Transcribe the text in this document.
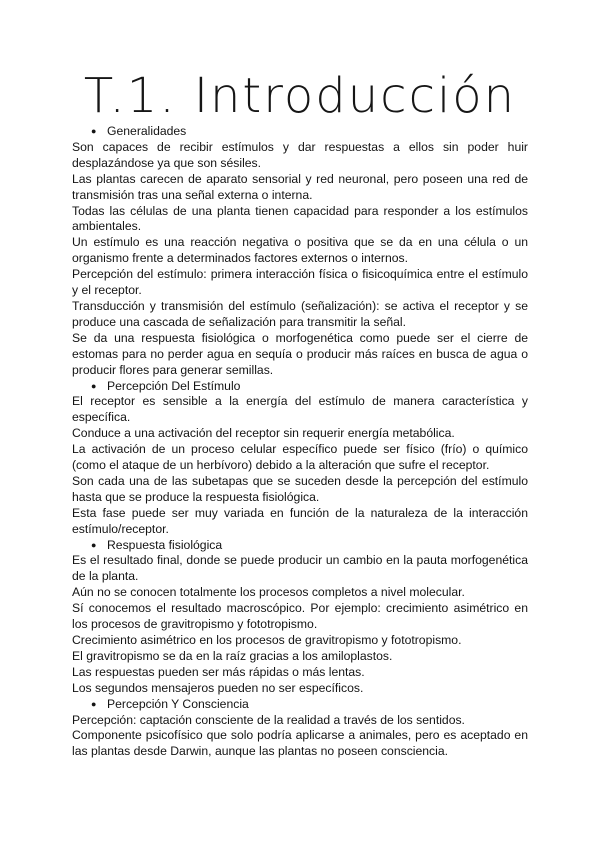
T.1. Introducción
● Generalidades

Son capaces de recibir estímulos y dar respuestas a ellos sin poder huir desplazándose ya que son sésiles.

Las plantas carecen de aparato sensorial y red neuronal, pero poseen una red de transmisión tras una señal externa o interna.

Todas las células de una planta tienen capacidad para responder a los estímulos ambientales.

Un estímulo es una reacción negativa o positiva que se da en una célula o un organismo frente a determinados factores externos o internos.

Percepción del estímulo: primera interacción física o fisicoquímica entre el estímulo y el receptor.

Transducción y transmisión del estímulo (señalización): se activa el receptor y se produce una cascada de señalización para transmitir la señal.

Se da una respuesta fisiológica o morfogenética como puede ser el cierre de estomas para no perder agua en sequía o producir más raíces en busca de agua o producir flores para generar semillas.

● Percepción Del Estímulo

El receptor es sensible a la energía del estímulo de manera característica y específica.

Conduce a una activación del receptor sin requerir energía metabólica.

La activación de un proceso celular específico puede ser físico (frío) o químico (como el ataque de un herbívoro) debido a la alteración que sufre el receptor.

Son cada una de las subetapas que se suceden desde la percepción del estímulo hasta que se produce la respuesta fisiológica.

Esta fase puede ser muy variada en función de la naturaleza de la interacción estímulo/receptor.

● Respuesta fisiológica

Es el resultado final, donde se puede producir un cambio en la pauta morfogenética de la planta.

Aún no se conocen totalmente los procesos completos a nivel molecular.

Sí conocemos el resultado macroscópico. Por ejemplo: crecimiento asimétrico en los procesos de gravitropismo y fototropismo.

Crecimiento asimétrico en los procesos de gravitropismo y fototropismo.

El gravitropismo se da en la raíz gracias a los amiloplastos.

Las respuestas pueden ser más rápidas o más lentas.

Los segundos mensajeros pueden no ser específicos.

● Percepción Y Consciencia

Percepción: captación consciente de la realidad a través de los sentidos.

Componente psicofísico que solo podría aplicarse a animales, pero es aceptado en las plantas desde Darwin, aunque las plantas no poseen consciencia.
